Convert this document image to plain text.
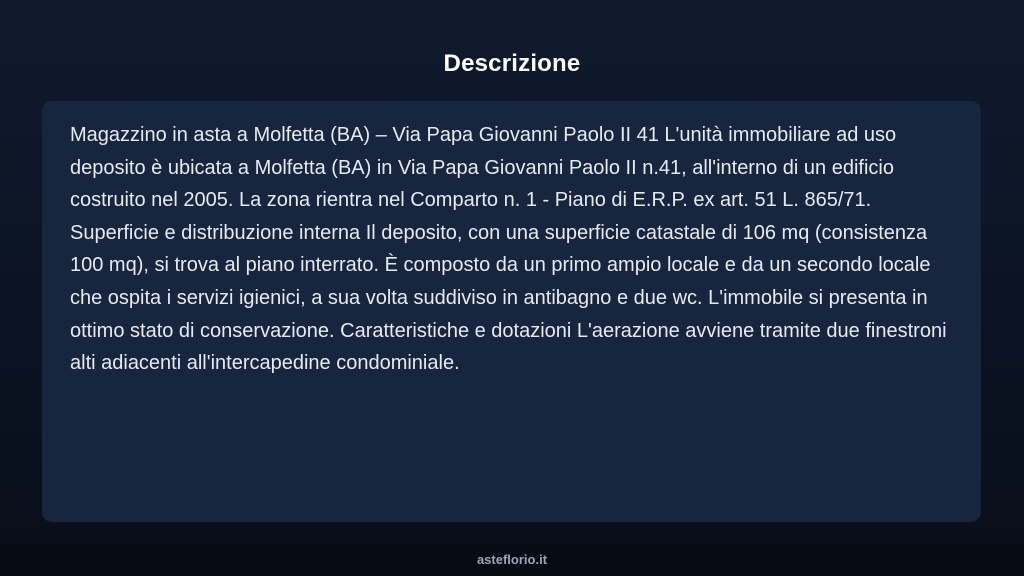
Descrizione

Magazzino in asta a Molfetta (BA) – Via Papa Giovanni Paolo II 41 L'unità immobiliare ad uso deposito è ubicata a Molfetta (BA) in Via Papa Giovanni Paolo II n.41, all'interno di un edificio costruito nel 2005. La zona rientra nel Comparto n. 1 - Piano di E.R.P. ex art. 51 L. 865/71. Superficie e distribuzione interna Il deposito, con una superficie catastale di 106 mq (consistenza 100 mq), si trova al piano interrato. È composto da un primo ampio locale e da un secondo locale che ospita i servizi igienici, a sua volta suddiviso in antibagno e due wc. L'immobile si presenta in ottimo stato di conservazione. Caratteristiche e dotazioni L'aerazione avviene tramite due finestroni alti adiacenti all'intercapedine condominiale.

asteflorio.it
